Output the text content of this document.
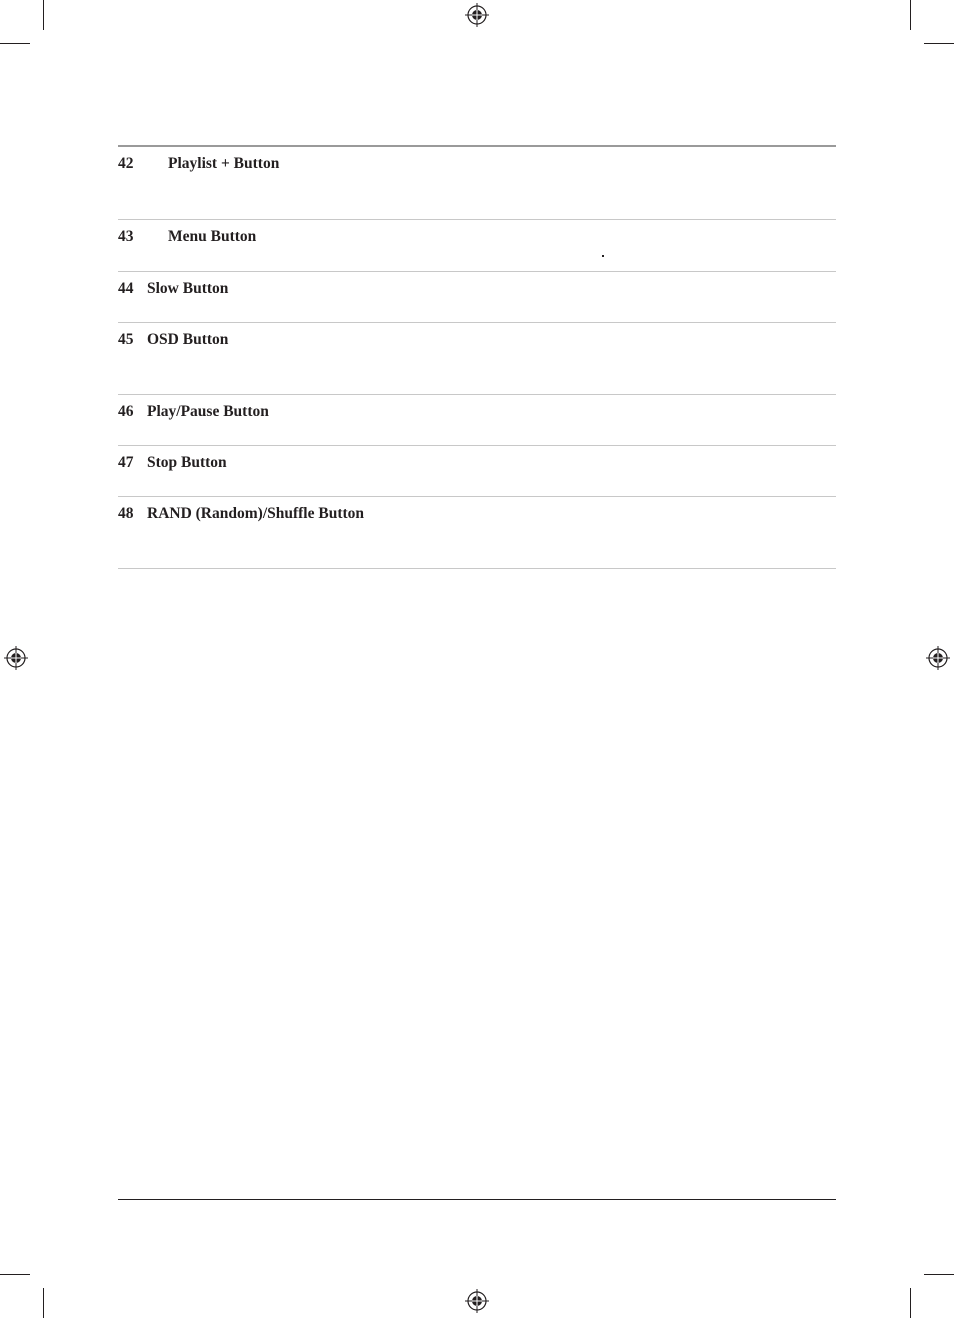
42 Playlist + Button
43 Menu Button
44 Slow Button
45 OSD Button
46 Play/Pause Button
47 Stop Button
48 RAND (Random)/Shuffle Button
